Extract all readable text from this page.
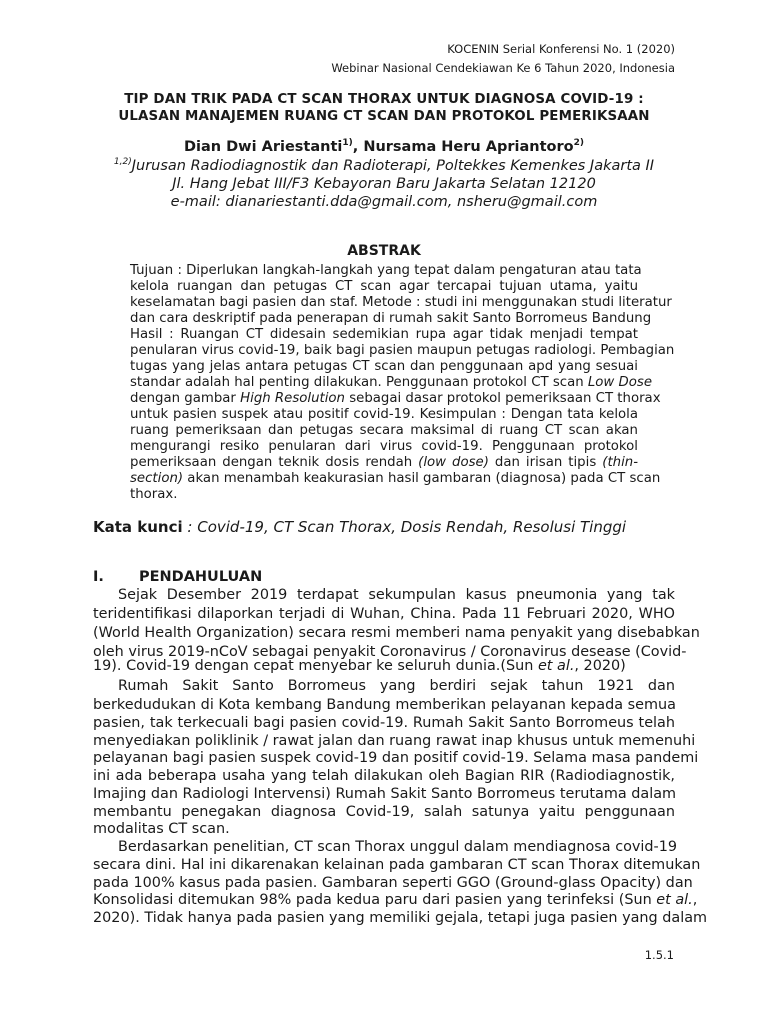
KOCENIN Serial Konferensi No. 1 (2020)
Webinar Nasional Cendekiawan Ke 6 Tahun 2020, Indonesia
TIP DAN TRIK PADA CT SCAN THORAX UNTUK DIAGNOSA COVID-19 :
ULASAN MANAJEMEN RUANG CT SCAN DAN PROTOKOL PEMERIKSAAN
Dian Dwi Ariestanti$^{1)}$, Nursama Heru Apriantoro$^{2)}$
$^{1,2)}$Jurusan Radiodiagnostik dan Radioterapi, Poltekkes Kemenkes Jakarta II
Jl. Hang Jebat III/F3 Kebayoran Baru Jakarta Selatan 12120
e-mail: dianariestanti.dda@gmail.com, nsheru@gmail.com
ABSTRAK
Tujuan : Diperlukan langkah-langkah yang tepat dalam pengaturan atau tata
kelola ruangan dan petugas CT scan agar tercapai tujuan utama, yaitu
keselamatan bagi pasien dan staf. Metode : studi ini menggunakan studi literatur
dan cara deskriptif pada penerapan di rumah sakit Santo Borromeus Bandung
Hasil : Ruangan CT didesain sedemikian rupa agar tidak menjadi tempat
penularan virus covid-19, baik bagi pasien maupun petugas radiologi. Pembagian
tugas yang jelas antara petugas CT scan dan penggunaan apd yang sesuai
standar adalah hal penting dilakukan. Penggunaan protokol CT scan Low Dose
dengan gambar High Resolution sebagai dasar protokol pemeriksaan CT thorax
untuk pasien suspek atau positif covid-19. Kesimpulan : Dengan tata kelola
ruang pemeriksaan dan petugas secara maksimal di ruang CT scan akan
mengurangi resiko penularan dari virus covid-19. Penggunaan protokol
pemeriksaan dengan teknik dosis rendah (low dose) dan irisan tipis (thin-
section) akan menambah keakurasian hasil gambaran (diagnosa) pada CT scan
thorax.
Kata kunci : Covid-19, CT Scan Thorax, Dosis Rendah, Resolusi Tinggi
I. PENDAHULUAN
Sejak Desember 2019 terdapat sekumpulan kasus pneumonia yang tak
teridentifikasi dilaporkan terjadi di Wuhan, China. Pada 11 Februari 2020, WHO
(World Health Organization) secara resmi memberi nama penyakit yang disebabkan
oleh virus 2019-nCoV sebagai penyakit Coronavirus / Coronavirus desease (Covid-
19). Covid-19 dengan cepat menyebar ke seluruh dunia.(Sun et al., 2020)
Rumah Sakit Santo Borromeus yang berdiri sejak tahun 1921 dan
berkedudukan di Kota kembang Bandung memberikan pelayanan kepada semua
pasien, tak terkecuali bagi pasien covid-19. Rumah Sakit Santo Borromeus telah
menyediakan poliklinik / rawat jalan dan ruang rawat inap khusus untuk memenuhi
pelayanan bagi pasien suspek covid-19 dan positif covid-19. Selama masa pandemi
ini ada beberapa usaha yang telah dilakukan oleh Bagian RIR (Radiodiagnostik,
Imajing dan Radiologi Intervensi) Rumah Sakit Santo Borromeus terutama dalam
membantu penegakan diagnosa Covid-19, salah satunya yaitu penggunaan
modalitas CT scan.
Berdasarkan penelitian, CT scan Thorax unggul dalam mendiagnosa covid-19
secara dini. Hal ini dikarenakan kelainan pada gambaran CT scan Thorax ditemukan
pada 100% kasus pada pasien. Gambaran seperti GGO (Ground-glass Opacity) dan
Konsolidasi ditemukan 98% pada kedua paru dari pasien yang terinfeksi (Sun et al.,
2020). Tidak hanya pada pasien yang memiliki gejala, tetapi juga pasien yang dalam
1.5.1
